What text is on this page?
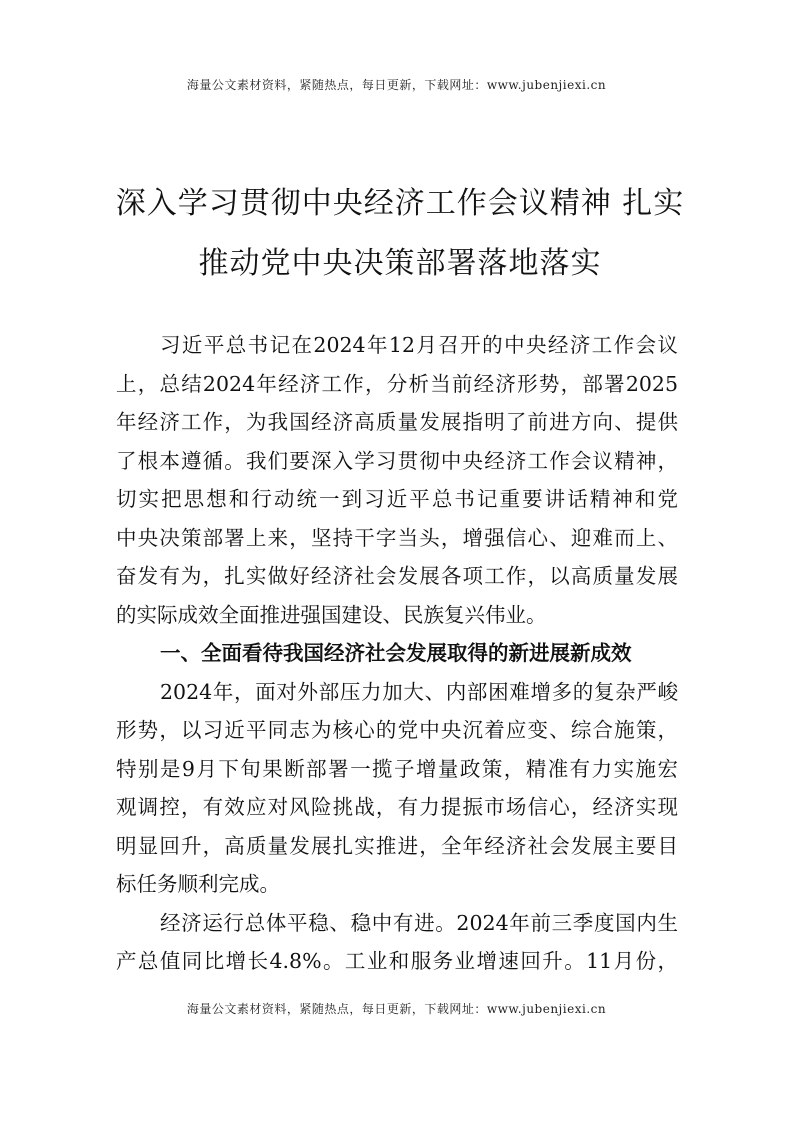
海量公文素材资料，紧随热点，每日更新，下载网址：www.jubenjiexi.cn
深入学习贯彻中央经济工作会议精神 扎实
推动党中央决策部署落地落实
习近平总书记在2024年12月召开的中央经济工作会议
上，总结2024年经济工作，分析当前经济形势，部署2025
年经济工作，为我国经济高质量发展指明了前进方向、提供
了根本遵循。我们要深入学习贯彻中央经济工作会议精神，
切实把思想和行动统一到习近平总书记重要讲话精神和党
中央决策部署上来，坚持干字当头，增强信心、迎难而上、
奋发有为，扎实做好经济社会发展各项工作，以高质量发展
的实际成效全面推进强国建设、民族复兴伟业。
一、全面看待我国经济社会发展取得的新进展新成效
2024年，面对外部压力加大、内部困难增多的复杂严峻
形势，以习近平同志为核心的党中央沉着应变、综合施策，
特别是9月下旬果断部署一揽子增量政策，精准有力实施宏
观调控，有效应对风险挑战，有力提振市场信心，经济实现
明显回升，高质量发展扎实推进，全年经济社会发展主要目
标任务顺利完成。
经济运行总体平稳、稳中有进。2024年前三季度国内生
产总值同比增长4.8%。工业和服务业增速回升。11月份，
海量公文素材资料，紧随热点，每日更新，下载网址：www.jubenjiexi.cn
